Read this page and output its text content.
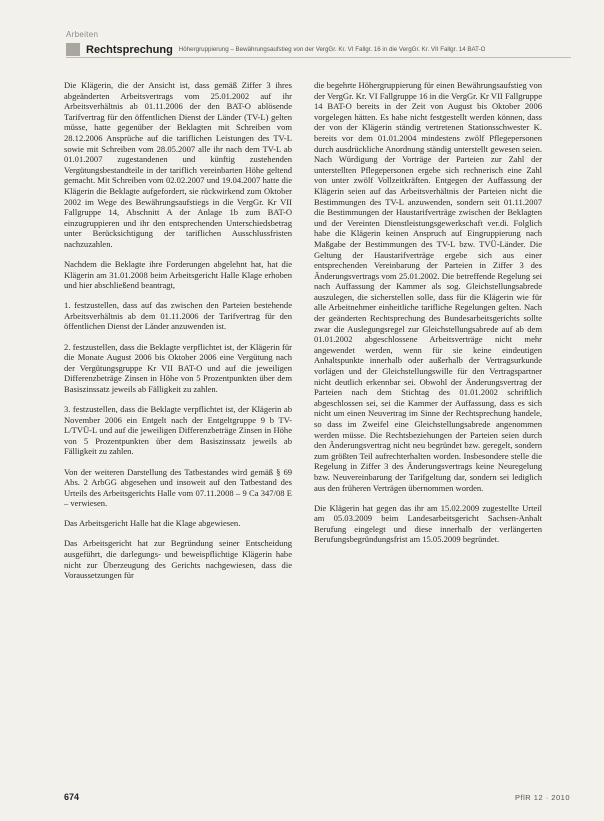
Arbeiten
Rechtsprechung Höhergruppierung – Bewährungsaufstieg von der VergGr. Kr. VI Fallgr. 16 in die VergGr. Kr. VII Fallgr. 14 BAT-O

Die Klägerin, die der Ansicht ist, dass gemäß Ziffer 3 ihres abgeänderten Arbeitsvertrags vom 25.01.2002 auf ihr Arbeitsverhältnis ab 01.11.2006 der den BAT-O ablösende Tarifvertrag für den öffentlichen Dienst der Länder (TV-L) gelten müsse, hatte gegenüber der Beklagten mit Schreiben vom 28.12.2006 Ansprüche auf die tariflichen Leistungen des TV-L sowie mit Schreiben vom 28.05.2007 alle ihr nach dem TV-L ab 01.01.2007 zugestandenen und künftig zustehenden Vergütungsbestandteile in der tariflich vereinbarten Höhe geltend gemacht. Mit Schreiben vom 02.02.2007 und 19.04.2007 hatte die Klägerin die Beklagte aufgefordert, sie rückwirkend zum Oktober 2002 im Wege des Bewährungsaufstiegs in die VergGr. Kr VII Fallgruppe 14, Abschnitt A der Anlage 1b zum BAT-O einzugruppieren und ihr den entsprechenden Unterschiedsbetrag unter Berücksichtigung der tariflichen Ausschlussfristen nachzuzahlen.

Nachdem die Beklagte ihre Forderungen abgelehnt hat, hat die Klägerin am 31.01.2008 beim Arbeitsgericht Halle Klage erhoben und hier abschließend beantragt,

1. festzustellen, dass auf das zwischen den Parteien bestehende Arbeitsverhältnis ab dem 01.11.2006 der Tarifvertrag für den öffentlichen Dienst der Länder anzuwenden ist.

2. festzustellen, dass die Beklagte verpflichtet ist, der Klägerin für die Monate August 2006 bis Oktober 2006 eine Vergütung nach der Vergütungsgruppe Kr VII BAT-O und auf die jeweiligen Differenzbeträge Zinsen in Höhe von 5 Prozentpunkten über dem Basiszinssatz jeweils ab Fälligkeit zu zahlen.

3. festzustellen, dass die Beklagte verpflichtet ist, der Klägerin ab November 2006 ein Entgelt nach der Entgeltgruppe 9 b TV-L/TVÜ-L und auf die jeweiligen Differenzbeträge Zinsen in Höhe von 5 Prozentpunkten über dem Basiszinssatz jeweils ab Fälligkeit zu zahlen.

Von der weiteren Darstellung des Tatbestandes wird gemäß § 69 Abs. 2 ArbGG abgesehen und insoweit auf den Tatbestand des Urteils des Arbeitsgerichts Halle vom 07.11.2008 – 9 Ca 347/08 E – verwiesen.

Das Arbeitsgericht Halle hat die Klage abgewiesen.

Das Arbeitsgericht hat zur Begründung seiner Entscheidung ausgeführt, die darlegungs- und beweispflichtige Klägerin habe nicht zur Überzeugung des Gerichts nachgewiesen, dass die Voraussetzungen für

die begehrte Höhergruppierung für einen Bewährungsaufstieg von der VergGr. Kr. VI Fallgruppe 16 in die VergGr. Kr VII Fallgruppe 14 BAT-O bereits in der Zeit von August bis Oktober 2006 vorgelegen hätten. Es habe nicht festgestellt werden können, dass der von der Klägerin ständig vertretenen Stationsschwester K. bereits vor dem 01.01.2004 mindestens zwölf Pflegepersonen durch ausdrückliche Anordnung ständig unterstellt gewesen seien. Nach Würdigung der Vorträge der Parteien zur Zahl der unterstellten Pflegepersonen ergebe sich rechnerisch eine Zahl von unter zwölf Vollzeitkräften. Entgegen der Auffassung der Klägerin seien auf das Arbeitsverhältnis der Parteien nicht die Bestimmungen des TV-L anzuwenden, sondern seit 01.11.2007 die Bestimmungen der Haustarifverträge zwischen der Beklagten und der Vereinten Dienstleistungsgewerkschaft ver.di. Folglich habe die Klägerin keinen Anspruch auf Eingruppierung nach Maßgabe der Bestimmungen des TV-L bzw. TVÜ-Länder. Die Geltung der Haustarifverträge ergebe sich aus einer entsprechenden Vereinbarung der Parteien in Ziffer 3 des Änderungsvertrags vom 25.01.2002. Die betreffende Regelung sei nach Auffassung der Kammer als sog. Gleichstellungsabrede auszulegen, die sicherstellen solle, dass für die Klägerin wie für alle Arbeitnehmer einheitliche tarifliche Regelungen gelten. Nach der geänderten Rechtsprechung des Bundesarbeitsgerichts sollte zwar die Auslegungsregel zur Gleichstellungsabrede auf ab dem 01.01.2002 abgeschlossene Arbeitsverträge nicht mehr angewendet werden, wenn für sie keine eindeutigen Anhaltspunkte innerhalb oder außerhalb der Vertragsurkunde vorlägen und der Gleichstellungswille für den Vertragspartner nicht deutlich erkennbar sei. Obwohl der Änderungsvertrag der Parteien nach dem Stichtag des 01.01.2002 schriftlich abgeschlossen sei, sei die Kammer der Auffassung, dass es sich nicht um einen Neuvertrag im Sinne der Rechtsprechung handele, so dass im Zweifel eine Gleichstellungsabrede angenommen werden müsse. Die Rechtsbeziehungen der Parteien seien durch den Änderungsvertrag nicht neu begründet bzw. geregelt, sondern zum größten Teil aufrechterhalten worden. Insbesondere stelle die Regelung in Ziffer 3 des Änderungsvertrags keine Neuregelung bzw. Neuvereinbarung der Tarifgeltung dar, sondern sei lediglich aus den früheren Verträgen übernommen worden.

Die Klägerin hat gegen das ihr am 15.02.2009 zugestellte Urteil am 05.03.2009 beim Landesarbeitsgericht Sachsen-Anhalt Berufung eingelegt und diese innerhalb der verlängerten Berufungsbegründungsfrist am 15.05.2009 begründet.

674	PflR 12 · 2010
